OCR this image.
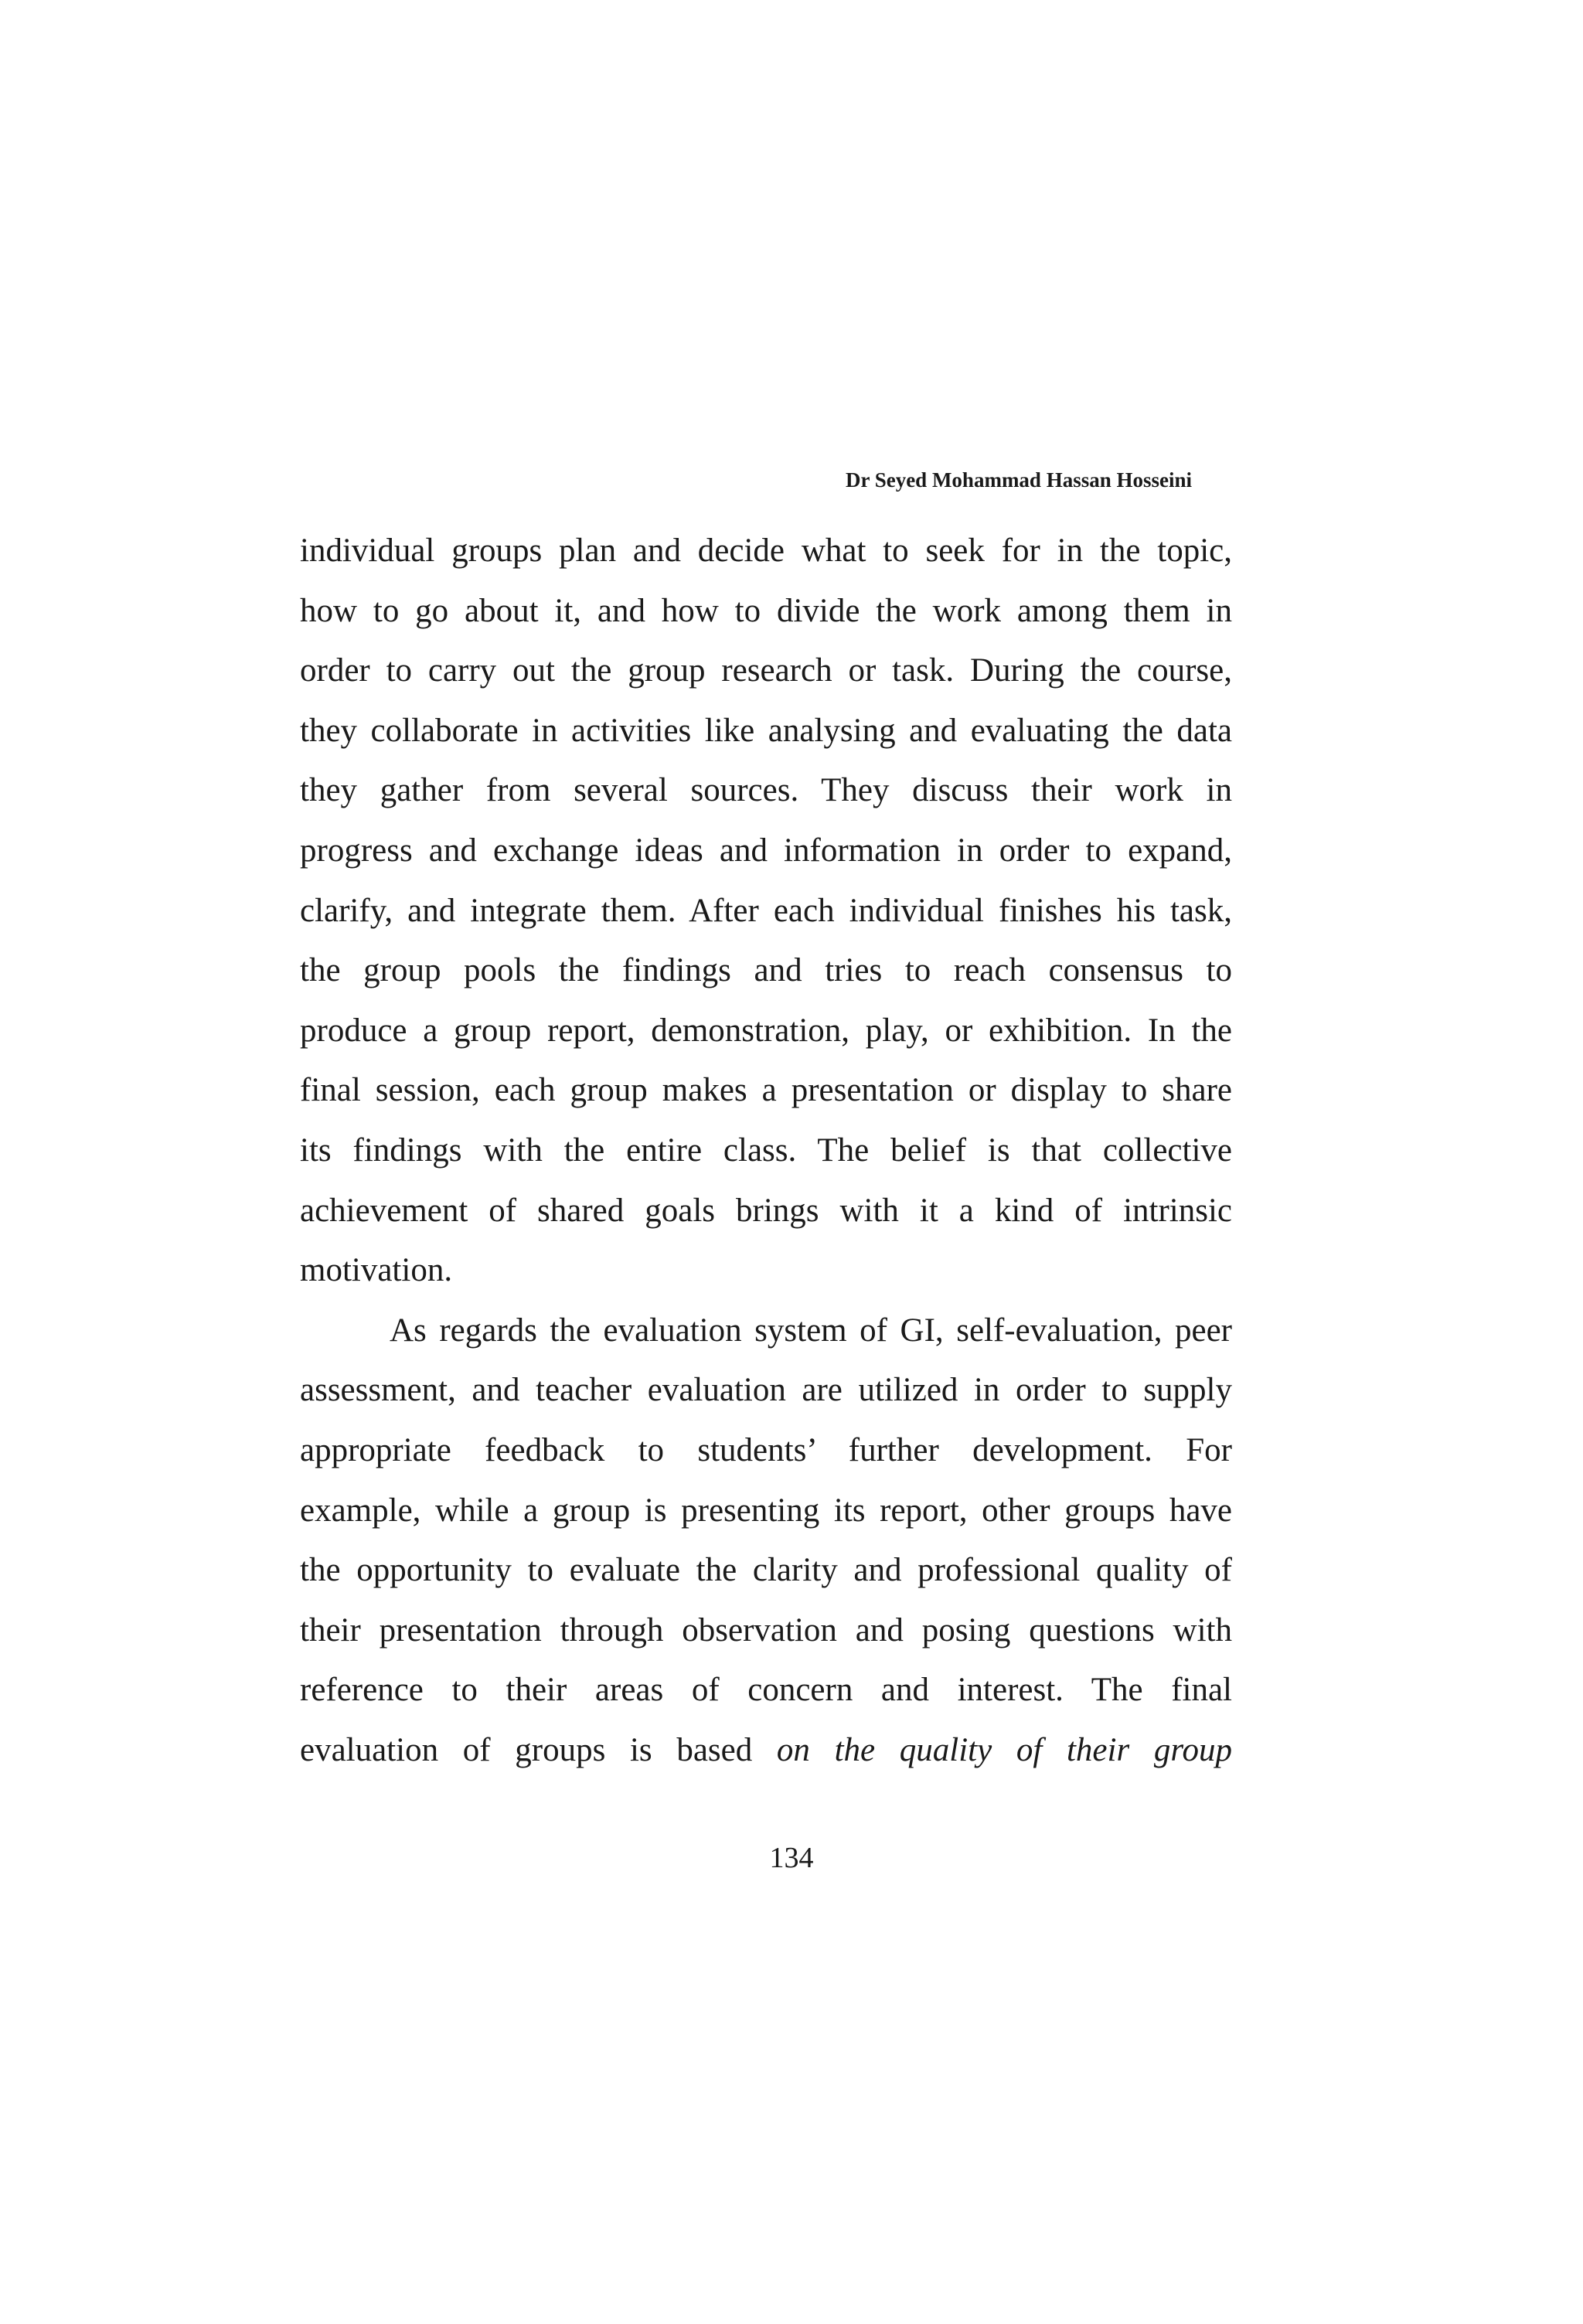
Dr Seyed Mohammad Hassan Hosseini
individual groups plan and decide what to seek for in the topic,
how to go about it, and how to divide the work among them in
order to carry out the group research or task. During the course,
they collaborate in activities like analysing and evaluating the data
they gather from several sources. They discuss their work in
progress and exchange ideas and information in order to expand,
clarify, and integrate them. After each individual finishes his task,
the group pools the findings and tries to reach consensus to
produce a group report, demonstration, play, or exhibition. In the
final session, each group makes a presentation or display to share
its findings with the entire class. The belief is that collective
achievement of shared goals brings with it a kind of intrinsic
motivation.
As regards the evaluation system of GI, self-evaluation, peer
assessment, and teacher evaluation are utilized in order to supply
appropriate feedback to students’ further development. For
example, while a group is presenting its report, other groups have
the opportunity to evaluate the clarity and professional quality of
their presentation through observation and posing questions with
reference to their areas of concern and interest. The final
evaluation of groups is based on the quality of their group
134
